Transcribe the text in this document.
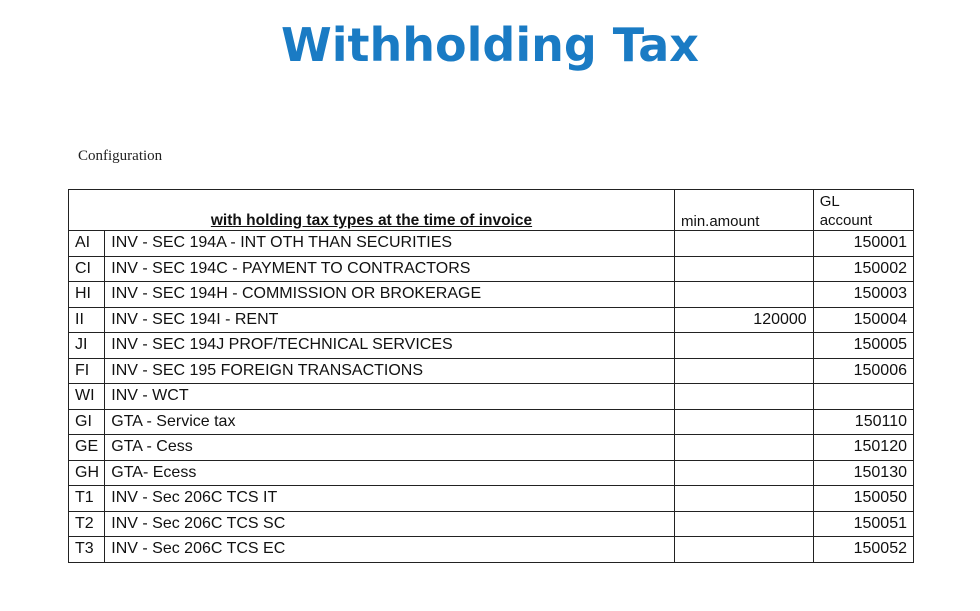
Withholding Tax
Configuration
with holding tax types at the time of invoice		min.amount	GL
account

AI	INV - SEC 194A - INT OTH THAN SECURITIES		150001
CI	INV - SEC 194C - PAYMENT TO CONTRACTORS		150002
HI	INV - SEC 194H - COMMISSION OR BROKERAGE		150003
II	INV - SEC 194I - RENT	120000	150004
JI	INV - SEC 194J PROF/TECHNICAL SERVICES		150005
FI	INV - SEC 195 FOREIGN TRANSACTIONS		150006
WI	INV - WCT		
GI	GTA - Service tax		150110
GE	GTA - Cess		150120
GH	GTA- Ecess		150130
T1	INV - Sec 206C TCS IT		150050
T2	INV - Sec 206C TCS SC		150051
T3	INV - Sec 206C TCS EC		150052
